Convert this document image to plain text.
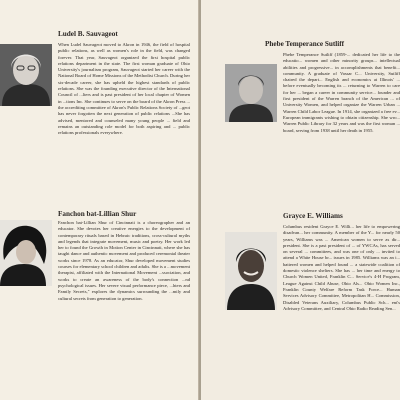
Ludel B. Sauvageot

When Ludel Sauvageot moved to Akron in 1946, the field of hospital public relations, as well as women's role in the field, was changed forever. That year, Sauvageot organized the first hospital public relations department in the state. The first woman graduate of Ohio University's journalism program, Sauvageot started her career with the National Board of Home Missions of the Methodist Church. During her six-decade career, she has upheld the highest standards of public relations. She was the founding executive director of the International Council of ...lters and is past president of her local chapter of Women in ...tions Inc. She continues to serve on the board of the Akron Press ... the accrediting committee of Akron's Public Relations Society of ...geot has never forgotten the next generation of public relations ...She has advised, mentored and counseled many young people ... field and remains an outstanding role model for both aspiring and ... public relations professionals everywhere.

Fanchon bat-Lillian Shur

Fanchon bat-Lillian Shur of Cincinnati is a choreographer and an educator. She devotes her creative energies to the development of contemporary rituals based in Hebraic traditions, cross-cultural myths and legends that integrate movement, music and poetry. Her work led her to found the Growth in Motion Center in Cincinnati, where she has taught dance and authentic movement and produced ceremonial theater works since 1978. As an educator, Shur developed movement studies courses for elementary school children and adults. She is a ...movement therapist, affiliated with the International Movement ...ssociation, and works to create an awareness of the body's connection ...nd psychological issues. Her severe visual performance piece, ...hters and Family Secrets," explores the dynamics surrounding the ...mily and cultural secrets from generation to generation.

Phebe Temperance Sutliff

Phebe Temperance Sutliff (1859-... dedicated her life to the educatio... women and other minority groups... intellectual abilities and progressive... in accomplishments that benefit... community. A graduate of Vassar C... University, Sutliff chaired the depart... English and economics at Illinois' ... before eventually becoming its ... returning to Warren to care for her ... began a career in community service... founder and first president of the Warren branch of the American ... of University Women, and helped organize the Warren Urban ... Warren Child Labor League. In 1914, she organized a free ev... European immigrants wishing to obtain citizenship. She wro... Warren Public Library for 32 years and was the first woman ... board, serving from 1938 until her death in 1955.

Grayce E. Williams

Columbus resident Grayce E. Willi... her life to empowering disadvan... her community. A member of the Y... for nearly 50 years, Williams was ... American women to serve as dir... president. She is a past president of ... of YWCAs, has served on several ... committees, and was one of only ... invited to attend a White House br... issues in 1985. Williams was an i... battered women and helped found ... a statewide coalition of domestic violence shelters. She has ... her time and energy to Church Women United, Franklin C... Service's 4-H Program, League Against Child Abuse, Ohio Als... Ohio Women Inc., Franklin County Welfare Reform Task Force... Human Services Advisory Committee, Metropolitan H... Commission, Disabled Veterans Auxiliary, Columbus Public Sch... ent's Advisory Committee, and Central Ohio Radio Reading Sen...
